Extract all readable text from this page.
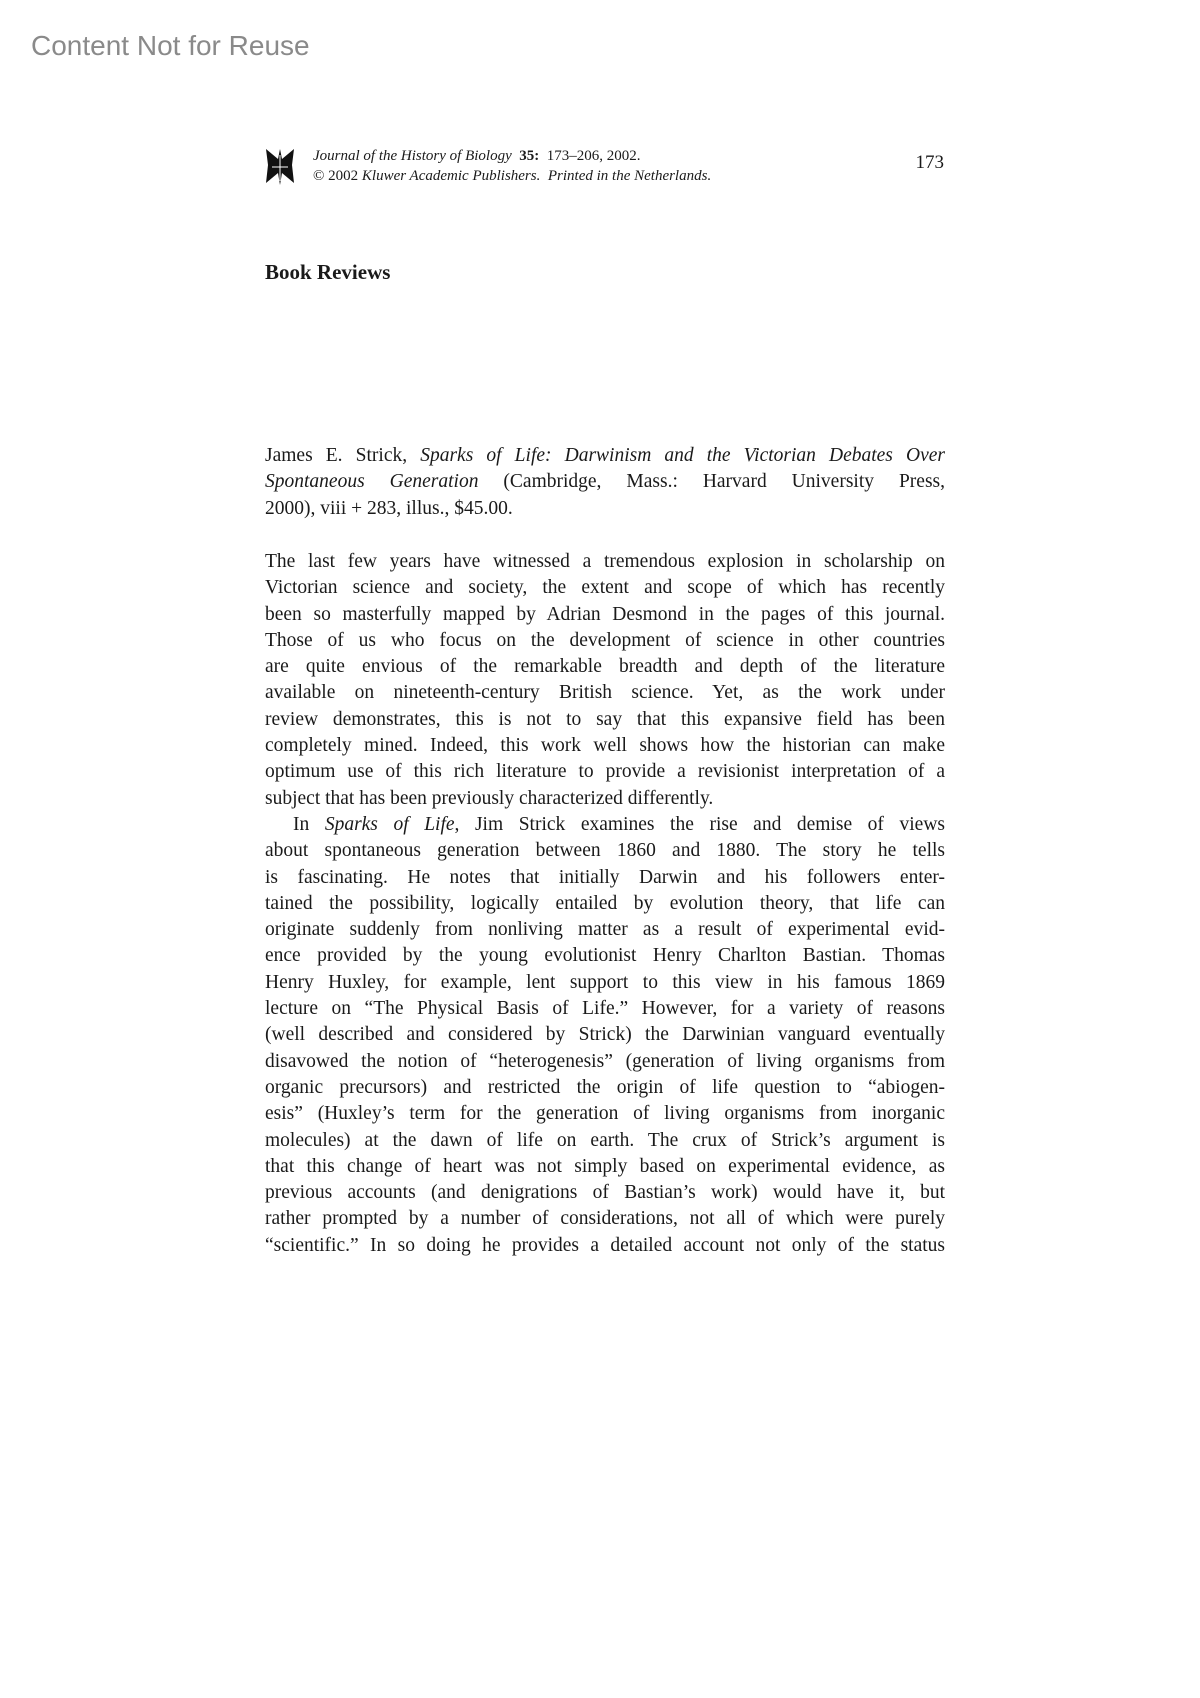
Content Not for Reuse
Journal of the History of Biology 35: 173–206, 2002.
© 2002 Kluwer Academic Publishers. Printed in the Netherlands.
173
Book Reviews
James E. Strick, Sparks of Life: Darwinism and the Victorian Debates Over
Spontaneous Generation (Cambridge, Mass.: Harvard University Press,
2000), viii + 283, illus., $45.00.
The last few years have witnessed a tremendous explosion in scholarship on
Victorian science and society, the extent and scope of which has recently
been so masterfully mapped by Adrian Desmond in the pages of this journal.
Those of us who focus on the development of science in other countries
are quite envious of the remarkable breadth and depth of the literature
available on nineteenth-century British science. Yet, as the work under
review demonstrates, this is not to say that this expansive field has been
completely mined. Indeed, this work well shows how the historian can make
optimum use of this rich literature to provide a revisionist interpretation of a
subject that has been previously characterized differently.
In Sparks of Life, Jim Strick examines the rise and demise of views
about spontaneous generation between 1860 and 1880. The story he tells
is fascinating. He notes that initially Darwin and his followers enter-
tained the possibility, logically entailed by evolution theory, that life can
originate suddenly from nonliving matter as a result of experimental evid-
ence provided by the young evolutionist Henry Charlton Bastian. Thomas
Henry Huxley, for example, lent support to this view in his famous 1869
lecture on “The Physical Basis of Life.” However, for a variety of reasons
(well described and considered by Strick) the Darwinian vanguard eventually
disavowed the notion of “heterogenesis” (generation of living organisms from
organic precursors) and restricted the origin of life question to “abiogen-
esis” (Huxley’s term for the generation of living organisms from inorganic
molecules) at the dawn of life on earth. The crux of Strick’s argument is
that this change of heart was not simply based on experimental evidence, as
previous accounts (and denigrations of Bastian’s work) would have it, but
rather prompted by a number of considerations, not all of which were purely
“scientific.” In so doing he provides a detailed account not only of the status
